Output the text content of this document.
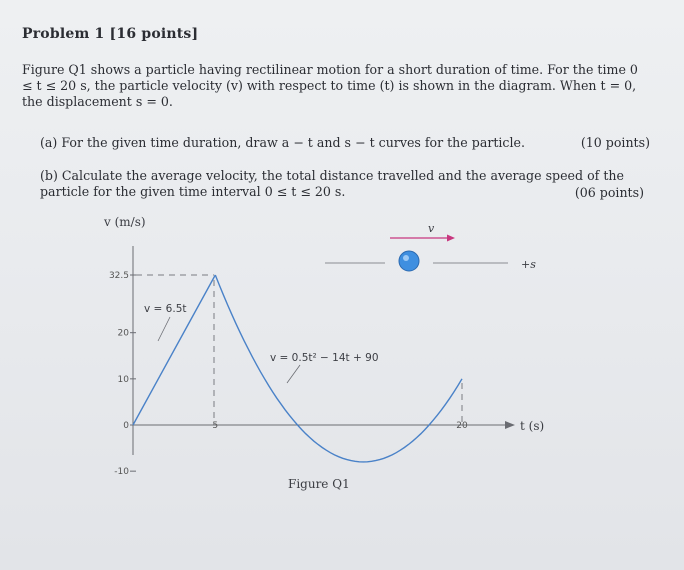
Problem 1 [16 points]
Figure Q1 shows a particle having rectilinear motion for a short duration of time. For the time 0 ≤ t ≤ 20 s, the particle velocity (v) with respect to time (t) is shown in the diagram. When t = 0, the displacement s = 0.
(a) For the given time duration, draw a − t and s − t curves for the particle.	(10 points)
(b) Calculate the average velocity, the total distance travelled and the average speed of the particle for the given time interval 0 ≤ t ≤ 20 s.	(06 points)
v (m/s)
t (s)
32.5
20
10
0
-10
5	20
v = 6.5t
v = 0.5t² − 14t + 90
v
+s
Figure Q1
